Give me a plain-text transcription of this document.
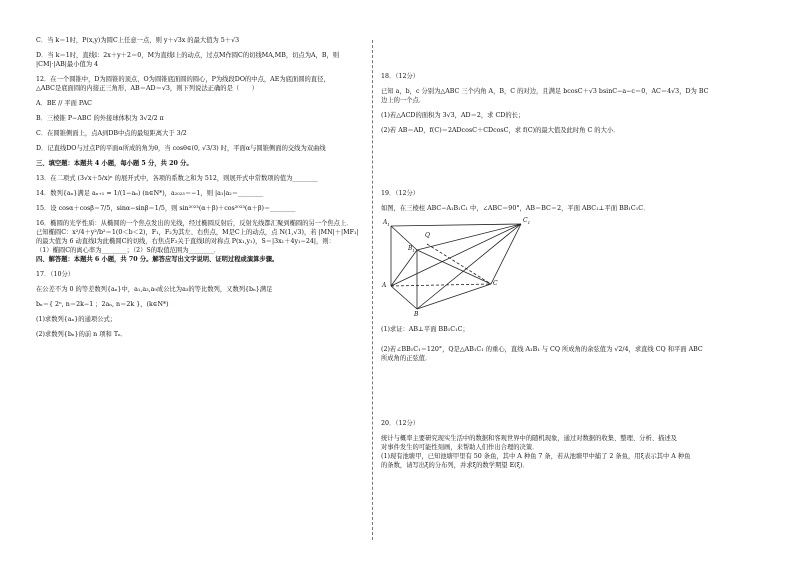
C．当 k＝1时，P(x,y)为圆C上任意一点，则 y＋√3x 的最大值为 5＋√3
D．当 k＝1时，直线l：2x＋y＋2＝0，M为直线l上的动点，过点M作圆C的切线MA,MB，切点为A，B，则
|CM|·|AB|最小值为 4
12．在一个圆锥中，D为圆锥的顶点，O为圆锥底面圆的圆心，P为线段DO的中点，AE为底面圆的直径，
△ABC是底面圆的内接正三角形，AB＝AD＝√3，则下列说法正确的是（　　）
A．BE // 平面 PAC
B．三棱锥 P−ABC 的外接球体积为 3√2/2 π
C．在圆锥侧面上，点A到DB中点的最短距离大于 3/2
D．记直线DO与过点P的平面α所成的角为θ，当 cosθ∈(0, √3/3) 时，平面α与圆锥侧面的交线为双曲线
三、填空题：本题共 4 小题，每小题 5 分，共 20 分。
13．在二项式 (3√x＋5/x)ⁿ 的展开式中，各项的系数之和为 512，则展开式中常数项的值为________
14．数列{aₙ}满足 aₙ₊₁ = 1/(1−aₙ) (n∈N*)，a₂₀₂₃＝−1，则 |a₁|a₂＝________
15．设 cosα＋cosβ＝7/5，sinα−sinβ＝1/5，则 sin²⁰²³(α＋β)＋cos²⁰²³(α＋β)＝________
16．椭圆的光学性质：从椭圆的一个焦点发出的光线，经过椭圆反射后，反射光线都汇聚到椭圆的另一个焦点上．
已知椭圆C：x²/4＋y²/b²＝1(0＜b＜2)，F₁，F₂为其左、右焦点，M是C上的动点，点 N(1,√3)，若 |MN|＋|MF₁|
的最大值为 6 动直线l为此椭圆C的切线，右焦点F₂关于直线l的对称点 P(x₁,y₁)，S＝|3x₁＋4y₁−24|，则：
（1）椭圆C的离心率为________；（2）S的取值范围为________．
四、解答题：本题共 6 小题，共 70 分。解答应写出文字说明、证明过程或演算步骤。
17．（10分）
在公差不为 0 的等差数列{aₙ}中，a₁,a₃,a₉成公比为a₃的等比数列，又数列{bₙ}满足
bₙ＝{ 2ⁿ, n＝2k−1 ；2aₙ, n＝2k }，(k∈N*)
(1)求数列{aₙ}的通项公式；
(2)求数列{bₙ}的前 n 项和 Tₙ．
18．（12分）
已知 a，b，c 分别为△ABC 三个内角 A，B，C 的对边，且满足 bcosC＋√3 bsinC−a−c＝0，AC＝4√3，D为 BC
边上的一个点．
(1)若△ACD的面积为 3√3，AD＝2，求 CD的长；
(2)若 AB＝AD，f(C)＝2ADcosC＋CDcosC，求 f(C)的最大值及此时角 C 的大小．
19．（12分）
如图，在三棱柱 ABC−A₁B₁C₁ 中，∠ABC＝90°，AB＝BC＝2，平面 ABC₁⊥平面 BB₁C₁C．
$A_1$
Q
$B_1$
$C_1$
A	C
B
(1)求证：AB⊥平面 BB₁C₁C；
(2)若∠BB₁C₁＝120°，Q是△AB₁C₁ 的重心，直线 A₁B₁ 与 CQ 所成角的余弦值为 √2/4，求直线 CQ 和平面 ABC
所成角的正弦值．
20．（12分）
统计与概率主要研究现实生活中的数据和客观世界中的随机现象，通过对数据的收集、整理、分析、描述及
对事件发生的可能性刻画，来帮助人们作出合理的决策．
(1)现有池塘甲，已知池塘甲里有 50 条鱼，其中 A 种鱼 7 条，若从池塘甲中捕了 2 条鱼，用ξ表示其中 A 种鱼
的条数，请写出ξ的分布列，并求ξ的数学期望 E(ξ)．
